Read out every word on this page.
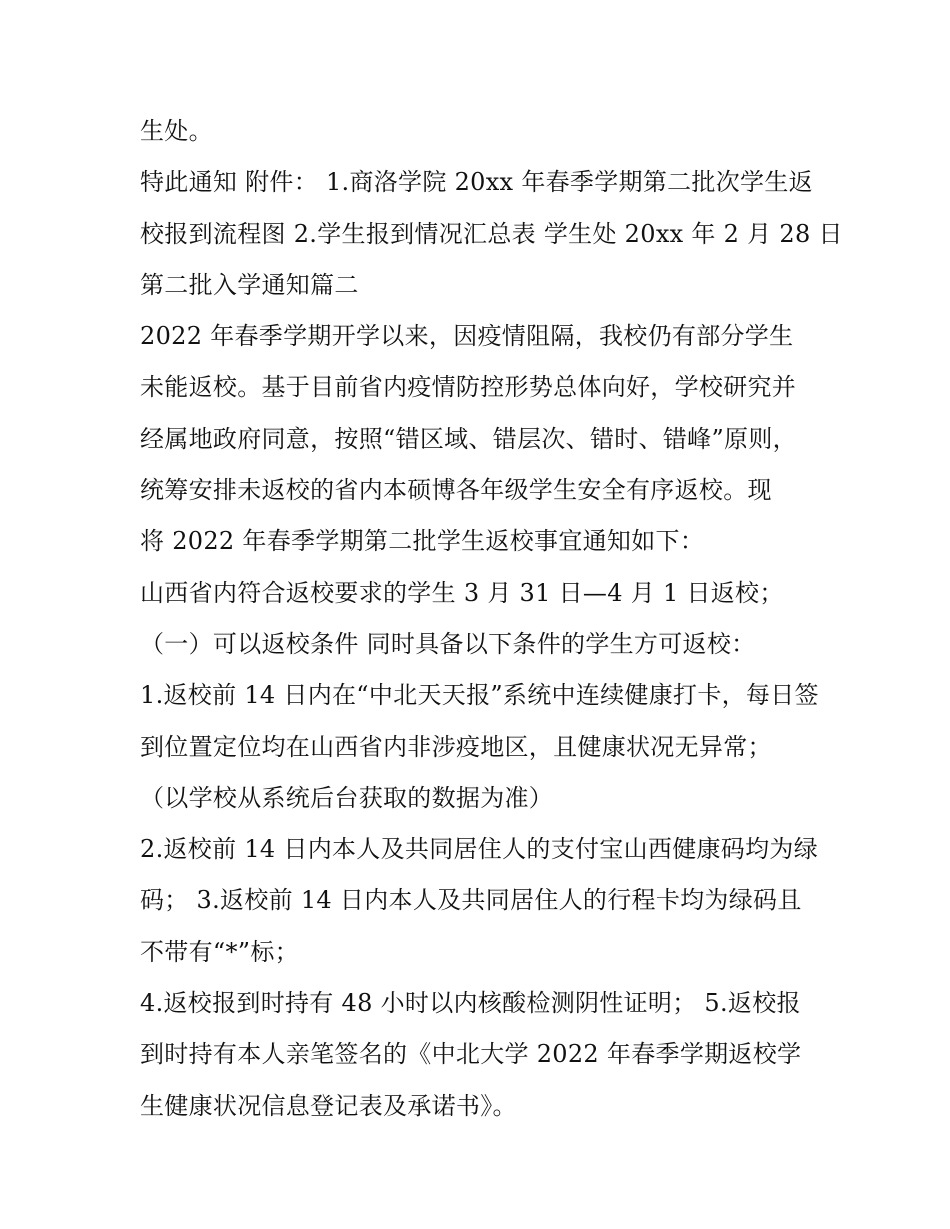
生处。
特此通知 附件： 1.商洛学院 20xx 年春季学期第二批次学生返
校报到流程图 2.学生报到情况汇总表 学生处 20xx 年 2 月 28 日
第二批入学通知篇二
2022 年春季学期开学以来，因疫情阻隔，我校仍有部分学生
未能返校。基于目前省内疫情防控形势总体向好，学校研究并
经属地政府同意，按照“错区域、错层次、错时、错峰”原则，
统筹安排未返校的省内本硕博各年级学生安全有序返校。现
将 2022 年春季学期第二批学生返校事宜通知如下：
山西省内符合返校要求的学生 3 月 31 日—4 月 1 日返校；
（一）可以返校条件 同时具备以下条件的学生方可返校：
1.返校前 14 日内在“中北天天报”系统中连续健康打卡，每日签
到位置定位均在山西省内非涉疫地区，且健康状况无异常；
（以学校从系统后台获取的数据为准）
2.返校前 14 日内本人及共同居住人的支付宝山西健康码均为绿
码； 3.返校前 14 日内本人及共同居住人的行程卡均为绿码且
不带有“*”标；
4.返校报到时持有 48 小时以内核酸检测阴性证明； 5.返校报
到时持有本人亲笔签名的《中北大学 2022 年春季学期返校学
生健康状况信息登记表及承诺书》。
